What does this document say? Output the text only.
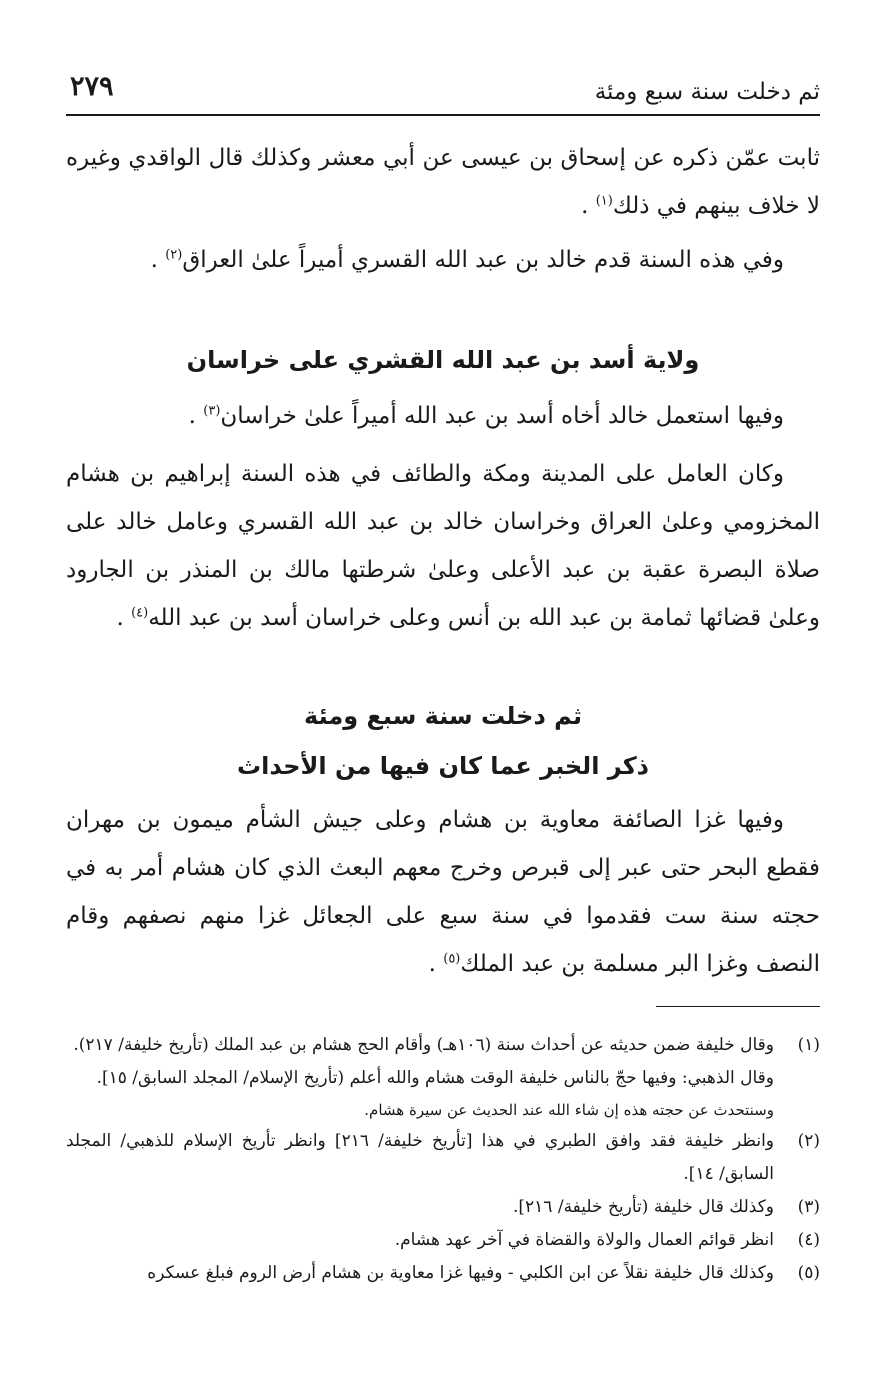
ثم دخلت سنة سبع ومئة
٢٧٩

ثابت عمّن ذكره عن إسحاق بن عيسى عن أبي معشر وكذلك قال الواقدي وغيره لا خلاف بينهم في ذلك$^{(١)}$ .

وفي هذه السنة قدم خالد بن عبد الله القسري أميراً علىٰ العراق$^{(٢)}$ .

ولاية أسد بن عبد الله القشري على خراسان

وفيها استعمل خالد أخاه أسد بن عبد الله أميراً علىٰ خراسان$^{(٣)}$ .

وكان العامل على المدينة ومكة والطائف في هذه السنة إبراهيم بن هشام المخزومي وعلىٰ العراق وخراسان خالد بن عبد الله القسري وعامل خالد على صلاة البصرة عقبة بن عبد الأعلى وعلىٰ شرطتها مالك بن المنذر بن الجارود وعلىٰ قضائها ثمامة بن عبد الله بن أنس وعلى خراسان أسد بن عبد الله$^{(٤)}$ .

ثم دخلت سنة سبع ومئة
ذكر الخبر عما كان فيها من الأحداث

وفيها غزا الصائفة معاوية بن هشام وعلى جيش الشأم ميمون بن مهران فقطع البحر حتى عبر إلى قبرص وخرج معهم البعث الذي كان هشام أمر به في حجته سنة ست فقدموا في سنة سبع على الجعائل غزا منهم نصفهم وقام النصف وغزا البر مسلمة بن عبد الملك$^{(٥)}$ .

(١)

وقال خليفة ضمن حديثه عن أحداث سنة (١٠٦هـ) وأقام الحج هشام بن عبد الملك (تأريخ خليفة/ ٢١٧).

وقال الذهبي: وفيها حجّ بالناس خليفة الوقت هشام والله أعلم (تأريخ الإسلام/ المجلد السابق/ ١٥].

وسنتحدث عن حجته هذه إن شاء الله عند الحديث عن سيرة هشام.

(٢)

وانظر خليفة فقد وافق الطبري في هذا [تأريخ خليفة/ ٢١٦] وانظر تأريخ الإسلام للذهبي/ المجلد السابق/ ١٤].

(٣)

وكذلك قال خليفة (تأريخ خليفة/ ٢١٦].

(٤)

انظر قوائم العمال والولاة والقضاة في آخر عهد هشام.

(٥)

وكذلك قال خليفة نقلاً عن ابن الكلبي - وفيها غزا معاوية بن هشام أرض الروم فبلغ عسكره
